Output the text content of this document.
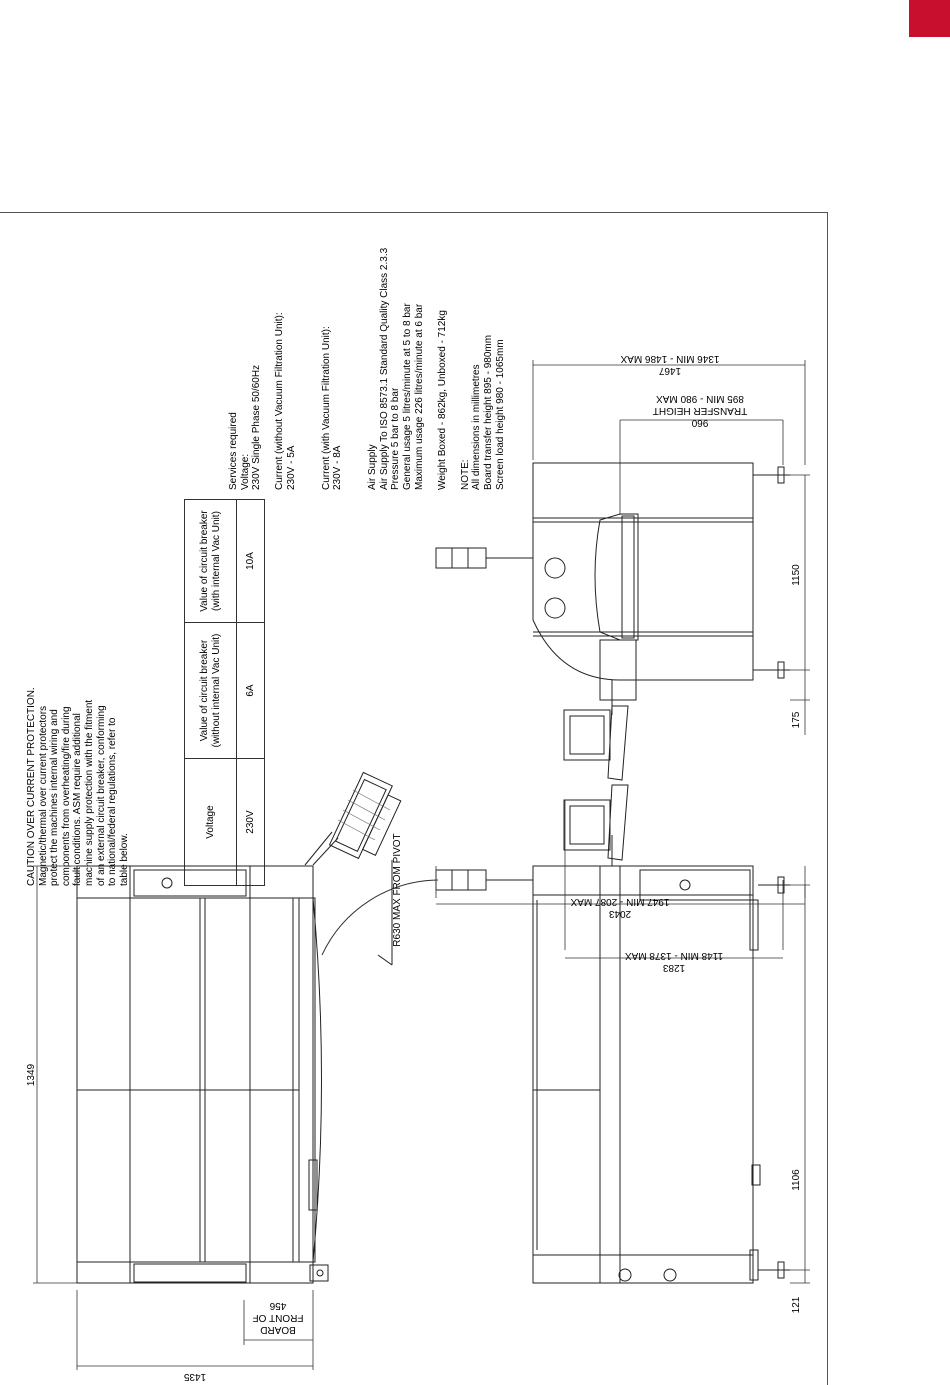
CAUTION OVER CURRENT PROTECTION. Magnetic/thermal over current protectors protect the machines internal wiring and components from overheating/fire during fault conditions. ASM require additional machine supply protection with the fitment of an external circuit breaker, conforming to national/federal regulations, refer to table below.
Voltage	Value of circuit breaker (without internal Vac Unit)	Value of circuit breaker (with internal Vac Unit)
230V	6A	10A
Services required Voltage: 230V Single Phase 50/60Hz Current (without Vacuum Filtration Unit): 230V - 5A Current (with Vacuum Filtration Unit): 230V - 8A Air Supply Air Supply To ISO 8573.1 Standard Quality Class 2.3.3 Pressure 5 bar to 8 bar General usage 5 litres/minute at 5 to 8 bar Maximum usage 226 litres/minute at 6 bar Weight Boxed - 862kg, Unboxed - 712kg NOTE: All dimensions in millimetres Board transfer height 895 - 980mm Screen load height 980 - 1065mm
1349
1435
456
FRONT OF
BOARD
R630 MAX FROM PIVOT	1947 MIN - 2087 MAX
2043
1148 MIN - 1378 MAX
1283
1106
121
1346 MIN - 1486 MAX
1467
895 MIN - 980 MAX
TRANSFER HEIGHT
960
1150
175
